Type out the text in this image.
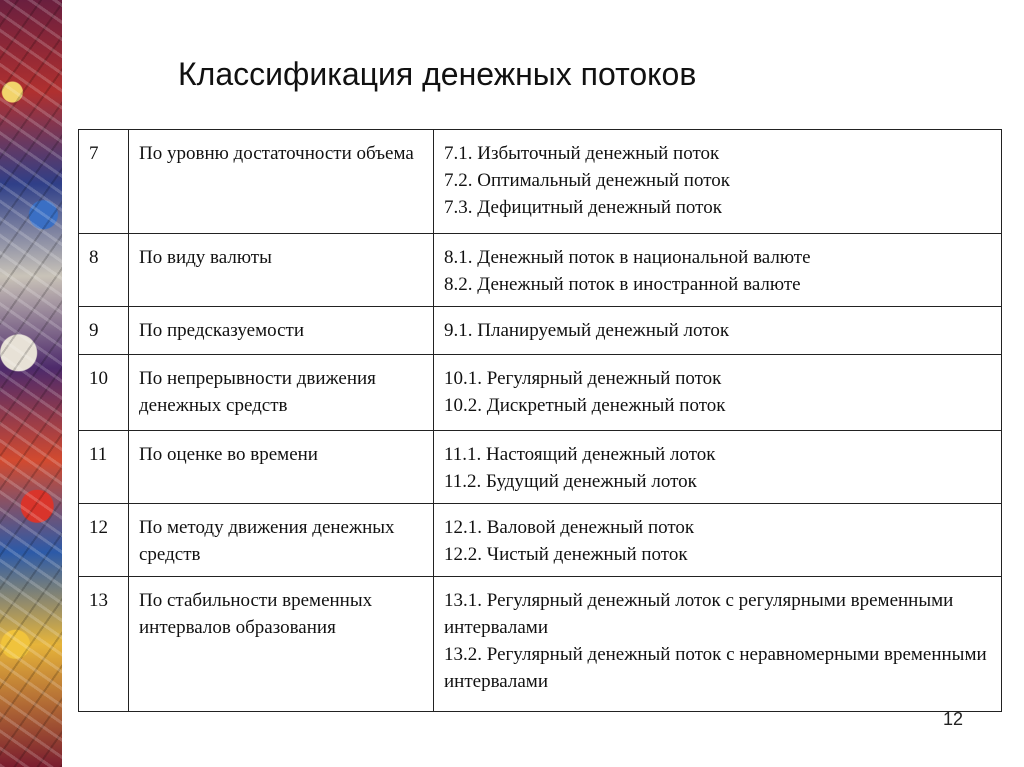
Классификация денежных потоков
7	По уровню достаточности объема	7.1. Избыточный денежный поток
7.2. Оптимальный денежный поток
7.3. Дефицитный денежный поток

8	По виду валюты	8.1. Денежный поток в национальной валюте
8.2. Денежный поток в иностранной валюте

9	По предсказуемости	9.1. Планируемый денежный лоток

10	По непрерывности движения денежных средств	10.1. Регулярный денежный поток
10.2. Дискретный денежный поток

11	По оценке во времени	11.1. Настоящий денежный лоток
11.2. Будущий денежный лоток

12	По методу движения денежных средств	12.1. Валовой денежный поток
12.2. Чистый денежный поток

13	По стабильности временных интервалов образования	13.1. Регулярный денежный лоток с регулярными временными интервалами
13.2. Регулярный денежный поток с неравномерными временными интервалами
12
